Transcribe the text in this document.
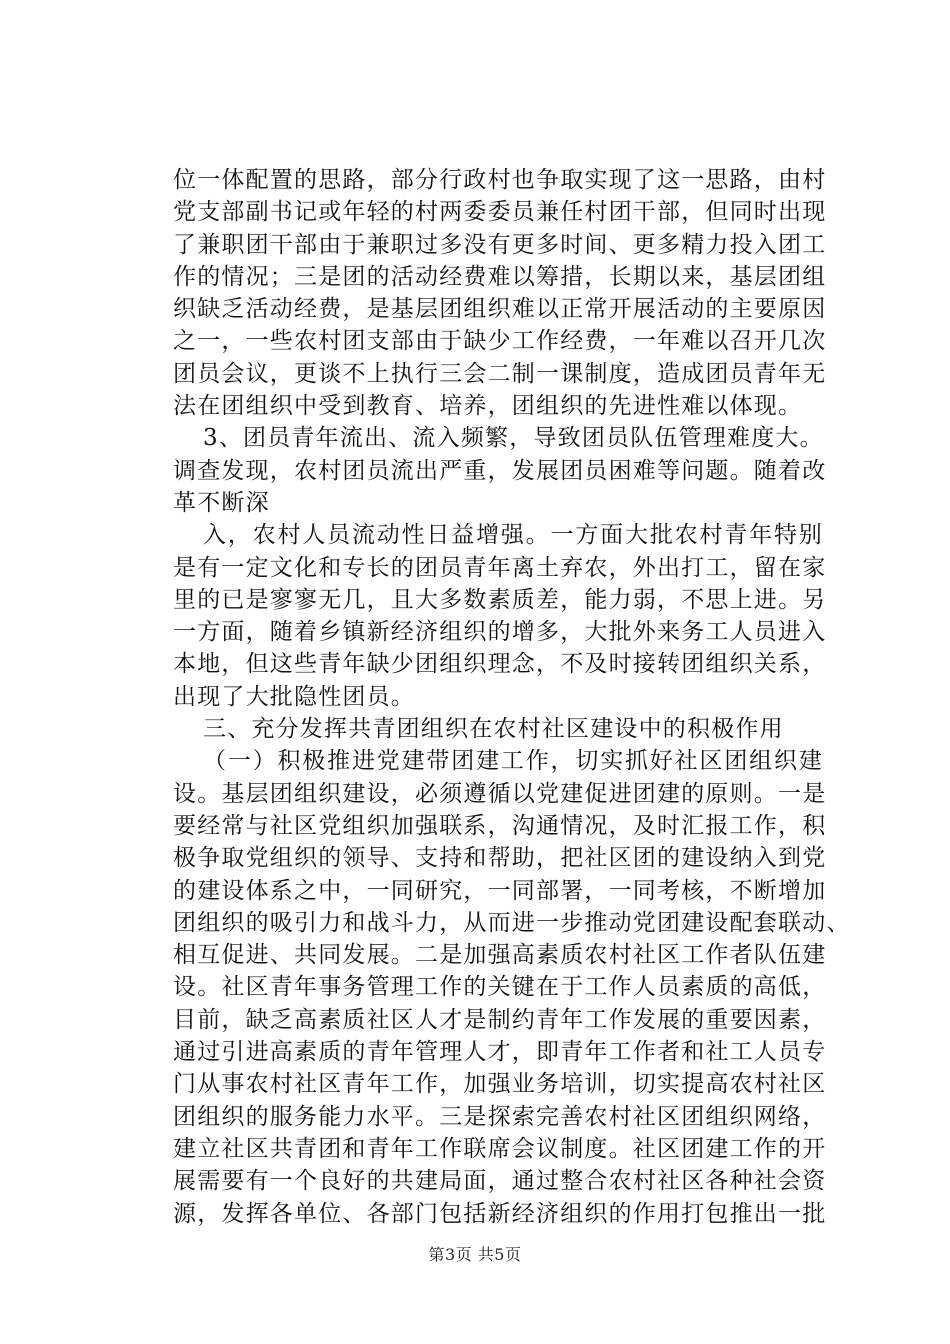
位一体配置的思路，部分行政村也争取实现了这一思路，由村
党支部副书记或年轻的村两委委员兼任村团干部，但同时出现
了兼职团干部由于兼职过多没有更多时间、更多精力投入团工
作的情况；三是团的活动经费难以筹措，长期以来，基层团组
织缺乏活动经费，是基层团组织难以正常开展活动的主要原因
之一，一些农村团支部由于缺少工作经费，一年难以召开几次
团员会议，更谈不上执行三会二制一课制度，造成团员青年无
法在团组织中受到教育、培养，团组织的先进性难以体现。
3、团员青年流出、流入频繁，导致团员队伍管理难度大。
调查发现，农村团员流出严重，发展团员困难等问题。随着改
革不断深
入，农村人员流动性日益增强。一方面大批农村青年特别
是有一定文化和专长的团员青年离土弃农，外出打工，留在家
里的已是寥寥无几，且大多数素质差，能力弱，不思上进。另
一方面，随着乡镇新经济组织的增多，大批外来务工人员进入
本地，但这些青年缺少团组织理念，不及时接转团组织关系，
出现了大批隐性团员。
三、充分发挥共青团组织在农村社区建设中的积极作用
（一）积极推进党建带团建工作，切实抓好社区团组织建
设。基层团组织建设，必须遵循以党建促进团建的原则。一是
要经常与社区党组织加强联系，沟通情况，及时汇报工作，积
极争取党组织的领导、支持和帮助，把社区团的建设纳入到党
的建设体系之中，一同研究，一同部署，一同考核，不断增加
团组织的吸引力和战斗力，从而进一步推动党团建设配套联动、
相互促进、共同发展。二是加强高素质农村社区工作者队伍建
设。社区青年事务管理工作的关键在于工作人员素质的高低，
目前，缺乏高素质社区人才是制约青年工作发展的重要因素，
通过引进高素质的青年管理人才，即青年工作者和社工人员专
门从事农村社区青年工作，加强业务培训，切实提高农村社区
团组织的服务能力水平。三是探索完善农村社区团组织网络，
建立社区共青团和青年工作联席会议制度。社区团建工作的开
展需要有一个良好的共建局面，通过整合农村社区各种社会资
源，发挥各单位、各部门包括新经济组织的作用打包推出一批
第3页 共5页
